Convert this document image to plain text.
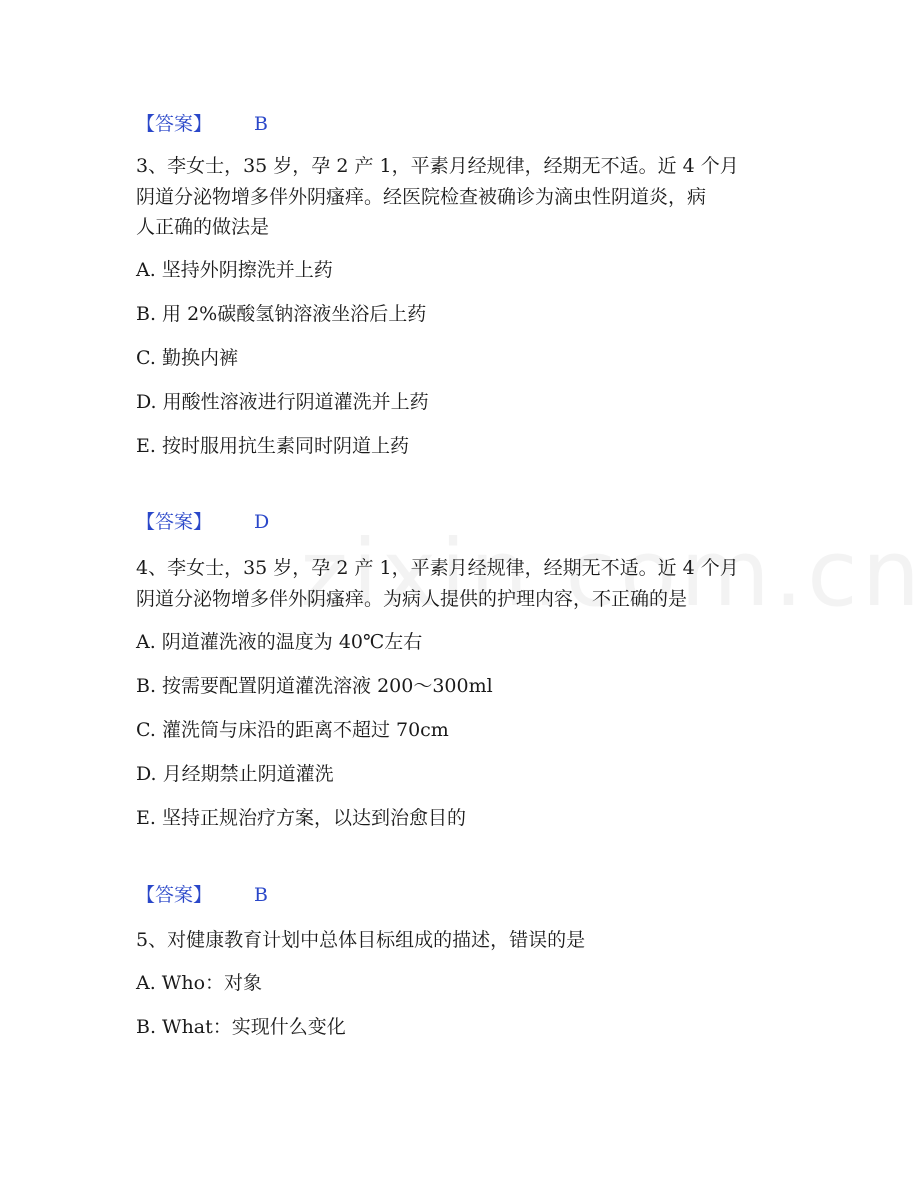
【答案】 B
3、李女士，35 岁，孕 2 产 1，平素月经规律，经期无不适。近 4 个月
阴道分泌物增多伴外阴瘙痒。经医院检查被确诊为滴虫性阴道炎，病
人正确的做法是
A. 坚持外阴擦洗并上药
B. 用 2%碳酸氢钠溶液坐浴后上药
C. 勤换内裤
D. 用酸性溶液进行阴道灌洗并上药
E. 按时服用抗生素同时阴道上药
【答案】 D
4、李女士，35 岁，孕 2 产 1，平素月经规律，经期无不适。近 4 个月
阴道分泌物增多伴外阴瘙痒。为病人提供的护理内容，不正确的是
A. 阴道灌洗液的温度为 40℃左右
B. 按需要配置阴道灌洗溶液 200～300ml
C. 灌洗筒与床沿的距离不超过 70cm
D. 月经期禁止阴道灌洗
E. 坚持正规治疗方案，以达到治愈目的
【答案】 B
5、对健康教育计划中总体目标组成的描述，错误的是
A. Who：对象
B. What：实现什么变化
